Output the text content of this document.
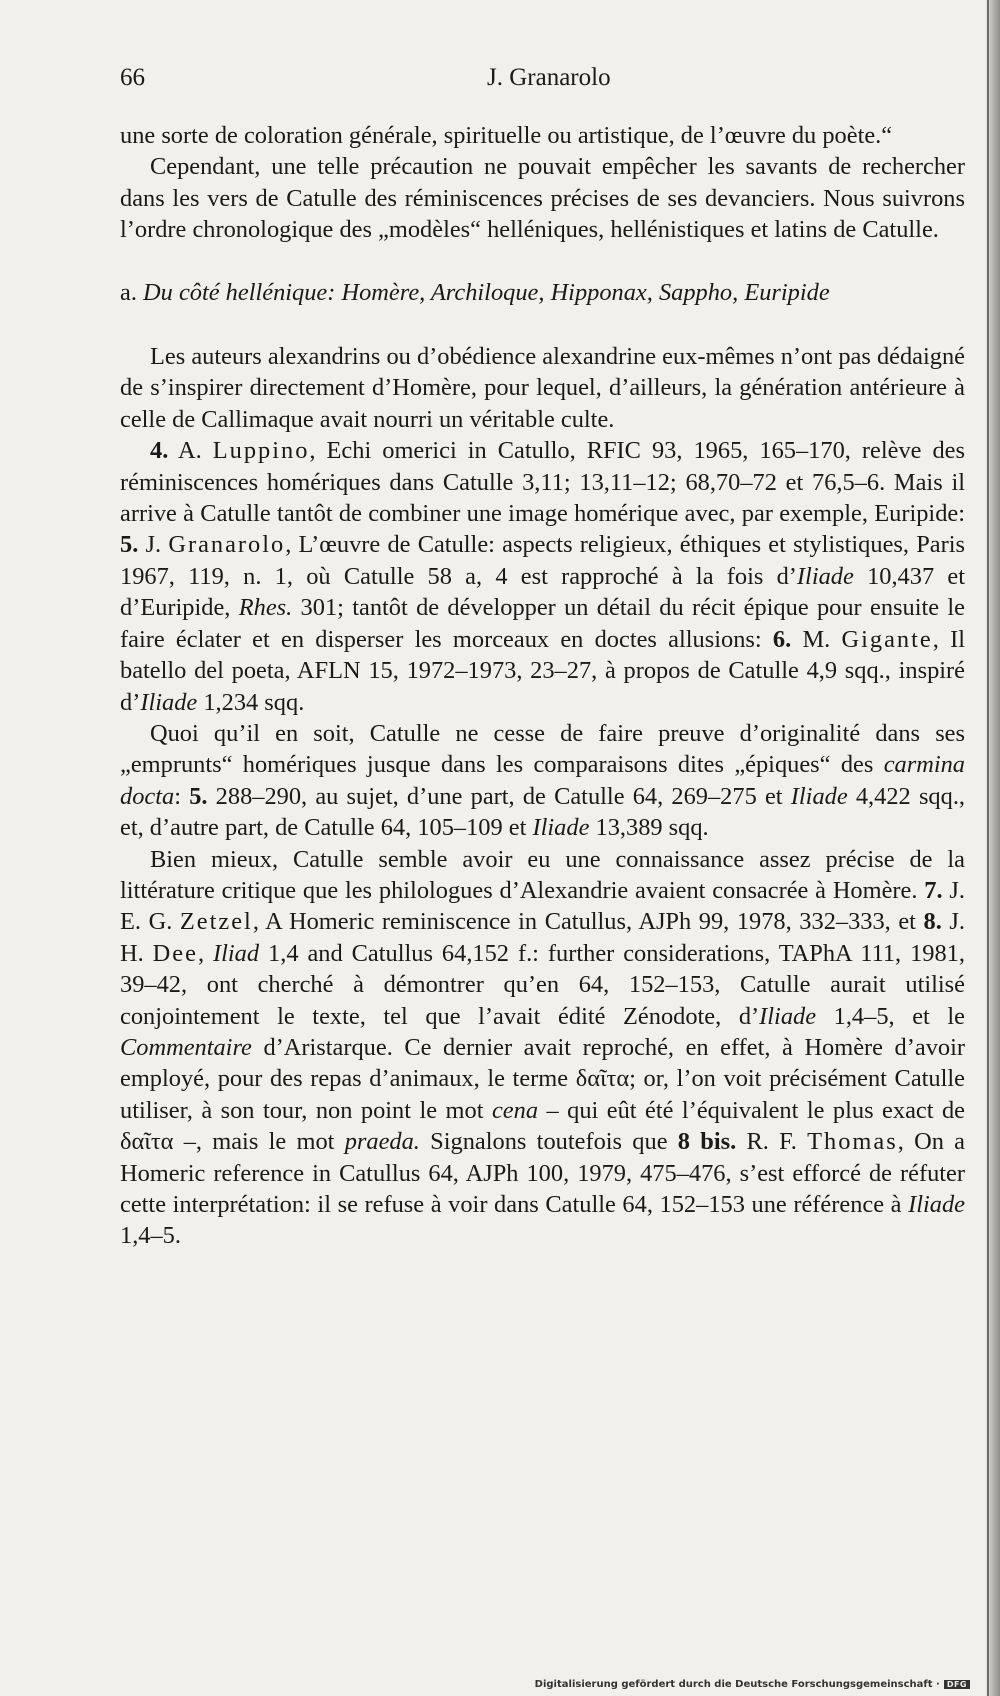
66	J. Granarolo

une sorte de coloration générale, spirituelle ou artistique, de l’œuvre du poète.“

Cependant, une telle précaution ne pouvait empêcher les savants de rechercher dans les vers de Catulle des réminiscences précises de ses devanciers. Nous suivrons l’ordre chronologique des „modèles“ helléniques, hellénistiques et latins de Catulle.

a. Du côté hellénique: Homère, Archiloque, Hipponax, Sappho, Euripide

Les auteurs alexandrins ou d’obédience alexandrine eux-mêmes n’ont pas dédaigné de s’inspirer directement d’Homère, pour lequel, d’ailleurs, la génération antérieure à celle de Callimaque avait nourri un véritable culte.

4. A. Luppino, Echi omerici in Catullo, RFIC 93, 1965, 165–170, relève des réminiscences homériques dans Catulle 3,11; 13,11–12; 68,70–72 et 76,5–6. Mais il arrive à Catulle tantôt de combiner une image homérique avec, par exemple, Euripide: 5. J. Granarolo, L’œuvre de Catulle: aspects religieux, éthiques et stylistiques, Paris 1967, 119, n. 1, où Catulle 58 a, 4 est rapproché à la fois d’Iliade 10,437 et d’Euripide, Rhes. 301; tantôt de développer un détail du récit épique pour ensuite le faire éclater et en disperser les morceaux en doctes allusions: 6. M. Gigante, Il batello del poeta, AFLN 15, 1972–1973, 23–27, à propos de Catulle 4,9 sqq., inspiré d’Iliade 1,234 sqq.

Quoi qu’il en soit, Catulle ne cesse de faire preuve d’originalité dans ses „emprunts“ homériques jusque dans les comparaisons dites „épiques“ des carmina docta: 5. 288–290, au sujet, d’une part, de Catulle 64, 269–275 et Iliade 4,422 sqq., et, d’autre part, de Catulle 64, 105–109 et Iliade 13,389 sqq.

Bien mieux, Catulle semble avoir eu une connaissance assez précise de la littérature critique que les philologues d’Alexandrie avaient consacrée à Homère. 7. J. E. G. Zetzel, A Homeric reminiscence in Catullus, AJPh 99, 1978, 332–333, et 8. J. H. Dee, Iliad 1,4 and Catullus 64,152 f.: further considerations, TAPhA 111, 1981, 39–42, ont cherché à démontrer qu’en 64, 152–153, Catulle aurait utilisé conjointement le texte, tel que l’avait édité Zénodote, d’Iliade 1,4–5, et le Commentaire d’Aristarque. Ce dernier avait reproché, en effet, à Homère d’avoir employé, pour des repas d’animaux, le terme δαῖτα; or, l’on voit précisément Catulle utiliser, à son tour, non point le mot cena – qui eût été l’équivalent le plus exact de δαῖτα –, mais le mot praeda. Signalons toutefois que 8 bis. R. F. Thomas, On a Homeric reference in Catullus 64, AJPh 100, 1979, 475–476, s’est efforcé de réfuter cette interprétation: il se refuse à voir dans Catulle 64, 152–153 une référence à Iliade 1,4–5.

Digitalisierung gefördert durch die Deutsche Forschungsgemeinschaft · DFG
